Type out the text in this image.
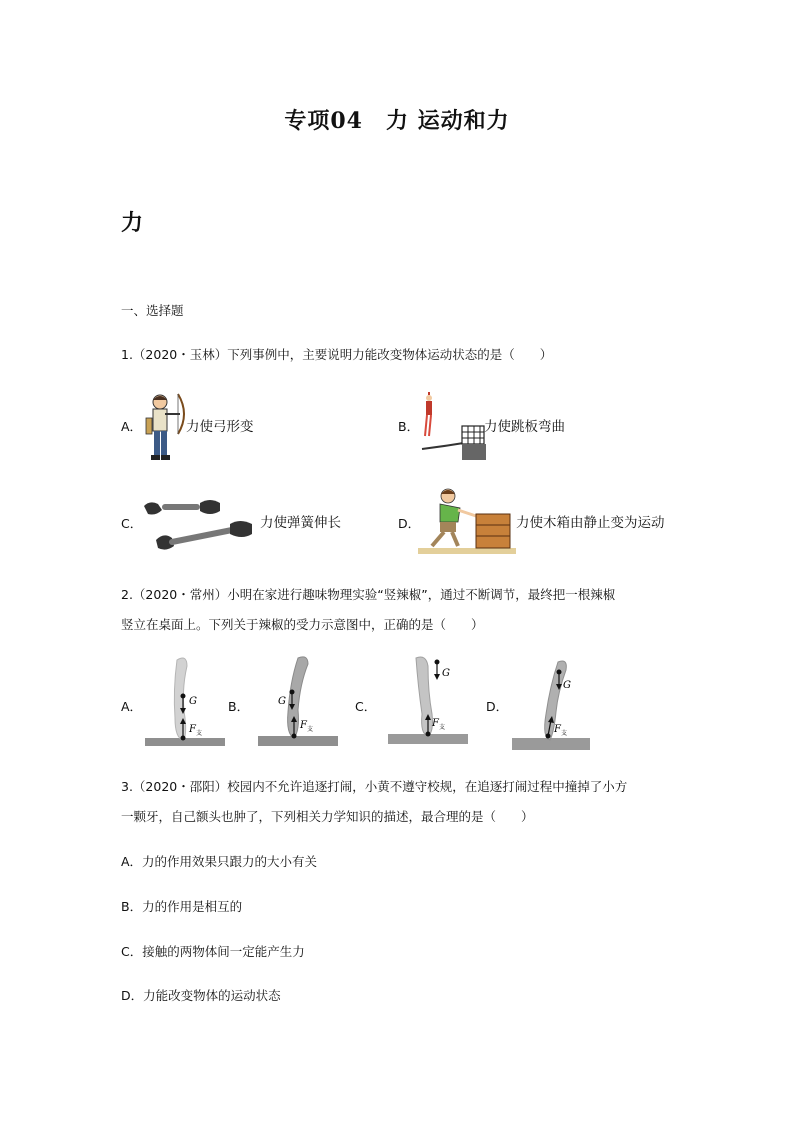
专项04　力 运动和力
力
一、选择题
1.（2020・玉林）下列事例中，主要说明力能改变物体运动状态的是（　　）
A．	力使弓形变	B．	力使跳板弯曲
C．	力使弹簧伸长	D．	力使木箱由静止变为运动
2.（2020・常州）小明在家进行趣味物理实验“竖辣椒”，通过不断调节，最终把一根辣椒
竖立在桌面上。下列关于辣椒的受力示意图中，正确的是（　　）
A．	G
F 支
B．	G
F 支
C．
G
F 支
D．
G
F 支
3.（2020・邵阳）校园内不允许追逐打闹，小黄不遵守校规，在追逐打闹过程中撞掉了小方
一颗牙，自己额头也肿了，下列相关力学知识的描述，最合理的是（　　）
A．力的作用效果只跟力的大小有关
B．力的作用是相互的
C．接触的两物体间一定能产生力
D．力能改变物体的运动状态
